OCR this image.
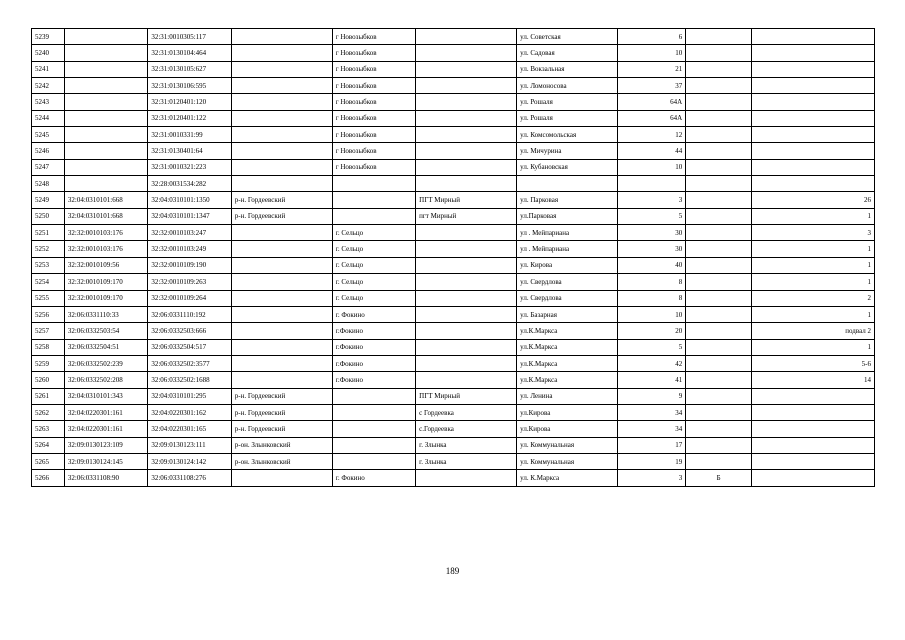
5239		32:31:0010305:117		г Новозыбков		ул. Советская	6		
5240		32:31:0130104:464		г Новозыбков		ул. Садовая	10		
5241		32:31:0130105:627		г Новозыбков		ул. Вокзальная	21		
5242		32:31:0130106:595		г Новозыбков		ул. Ломоносова	37		
5243		32:31:0120401:120		г Новозыбков		ул. Рошаля	64А		
5244		32:31:0120401:122		г Новозыбков		ул. Рошаля	64А		
5245		32:31:0010331:99		г Новозыбков		ул. Комсомольская	12		
5246		32:31:0130401:64		г Новозыбков		ул. Мичурина	44		
5247		32:31:0010321:223		г Новозыбков		ул. Кубановская	10		
5248		32:28:0031534:282							
5249	32:04:0310101:668	32:04:0310101:1350	р-н. Гордеевский		ПГТ Мирный	ул. Парковая	3		26
5250	32:04:0310101:668	32:04:0310101:1347	р-н. Гордеевский		пгт Мирный	ул.Парковая	5		1
5251	32:32:0010103:176	32:32:0010103:247		г. Сельцо		ул . Мейпариана	30		3
5252	32:32:0010103:176	32:32:0010103:249		г. Сельцо		ул . Мейпариана	30		1
5253	32:32:0010109:56	32:32:0010109:190		г. Сельцо		ул. Кирова	40		1
5254	32:32:0010109:170	32:32:0010109:263		г. Сельцо		ул. Свердлова	8		1
5255	32:32:0010109:170	32:32:0010109:264		г. Сельцо		ул. Свердлова	8		2
5256	32:06:0331110:33	32:06:0331110:192		г. Фокино		ул. Базарная	10		1
5257	32:06:0332503:54	32:06:0332503:666		г.Фокино		ул.К.Маркса	20		подвал 2
5258	32:06:0332504:51	32:06:0332504:517		г.Фокино		ул.К.Маркса	5		1
5259	32:06:0332502:239	32:06:0332502:3577		г.Фокино		ул.К.Маркса	42		5-6
5260	32:06:0332502:208	32:06:0332502:1688		г.Фокино		ул.К.Маркса	41		14
5261	32:04:0310101:343	32:04:0310101:295	р-н. Гордеевский		ПГТ Мирный	ул. Ленина	9		
5262	32:04:0220301:161	32:04:0220301:162	р-н. Гордеевский		с Гордеевка	ул.Кирова	34		
5263	32:04:0220301:161	32:04:0220301:165	р-н. Гордеевский		с.Гордеевка	ул.Кирова	34		
5264	32:09:0130123:109	32:09:0130123:111	р-он. Злынковский		г. Злынка	ул. Коммунальная	17		
5265	32:09:0130124:145	32:09:0130124:142	р-он. Злынковский		г. Злынка	ул. Коммунальная	19		
5266	32:06:0331108:90	32:06:0331108:276		г. Фокино		ул. К.Маркса	3	Б	
189
